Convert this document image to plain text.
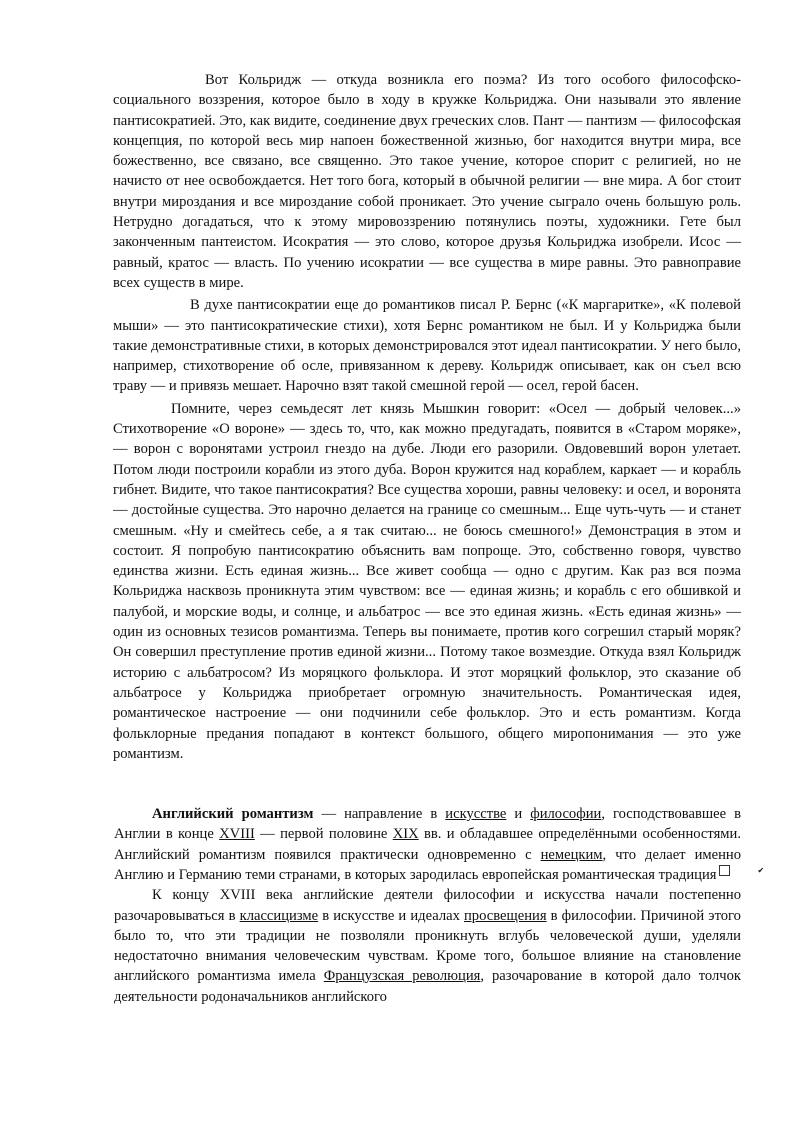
Вот Кольридж — откуда возникла его поэма? Из того особого философско-социального воззрения, которое было в ходу в кружке Кольриджа. Они называли это явление пантисократией. Это, как видите, соединение двух греческих слов. Пант — пантизм — философская концепция, по которой весь мир напоен божественной жизнью, бог находится внутри мира, все божественно, все связано, все священно. Это такое учение, которое спорит с религией, но не начисто от нее освобождается. Нет того бога, который в обычной религии — вне мира. А бог стоит внутри мироздания и все мироздание собой проникает. Это учение сыграло очень большую роль. Нетрудно догадаться, что к этому мировоззрению потянулись поэты, художники. Гете был законченным пантеистом. Исократия — это слово, которое друзья Кольриджа изобрели. Исос — равный, кратос — власть. По учению исократии — все существа в мире равны. Это равноправие всех существ в мире.

В духе пантисократии еще до романтиков писал Р. Бернс («К маргаритке», «К полевой мыши» — это пантисократические стихи), хотя Бернс романтиком не был. И у Кольриджа были такие демонстративные стихи, в которых демонстрировался этот идеал пантисократии. У него было, например, стихотворение об осле, привязанном к дереву. Кольридж описывает, как он съел всю траву — и привязь мешает. Нарочно взят такой смешной герой — осел, герой басен.

Помните, через семьдесят лет князь Мышкин говорит: «Осел — добрый человек...» Стихотворение «О вороне» — здесь то, что, как можно предугадать, появится в «Старом моряке», — ворон с воронятами устроил гнездо на дубе. Люди его разорили. Овдовевший ворон улетает. Потом люди построили корабли из этого дуба. Ворон кружится над кораблем, каркает — и корабль гибнет. Видите, что такое пантисократия? Все существа хороши, равны человеку: и осел, и воронята — достойные существа. Это нарочно делается на границе со смешным... Еще чуть-чуть — и станет смешным. «Ну и смейтесь себе, а я так считаю... не боюсь смешного!» Демонстрация в этом и состоит. Я попробую пантисократию объяснить вам попроще. Это, собственно говоря, чувство единства жизни. Есть единая жизнь... Все живет сообща — одно с другим. Как раз вся поэма Кольриджа насквозь проникнута этим чувством: все — единая жизнь; и корабль с его обшивкой и палубой, и морские воды, и солнце, и альбатрос — все это единая жизнь. «Есть единая жизнь» — один из основных тезисов романтизма. Теперь вы понимаете, против кого согрешил старый моряк? Он совершил преступление против единой жизни... Потому такое возмездие. Откуда взял Кольридж историю с альбатросом? Из моряцкого фольклора. И этот моряцкий фольклор, это сказание об альбатросе у Кольриджа приобретает огромную значительность. Романтическая идея, романтическое настроение — они подчинили себе фольклор. Это и есть романтизм. Когда фольклорные предания попадают в контекст большого, общего миропонимания — это уже романтизм.

Английский романтизм — направление в искусстве и философии, господствовавшее в Англии в конце XVIII — первой половине XIX вв. и обладавшее определёнными особенностями. Английский романтизм появился практически одновременно с немецким, что делает именно Англию и Германию теми странами, в которых зародилась европейская романтическая традиция	✔

К концу XVIII века английские деятели философии и искусства начали постепенно разочаровываться в классицизме в искусстве и идеалах просвещения в философии. Причиной этого было то, что эти традиции не позволяли проникнуть вглубь человеческой души, уделяли недостаточно внимания человеческим чувствам. Кроме того, большое влияние на становление английского романтизма имела Французская революция, разочарование в которой дало толчок деятельности родоначальников английского
